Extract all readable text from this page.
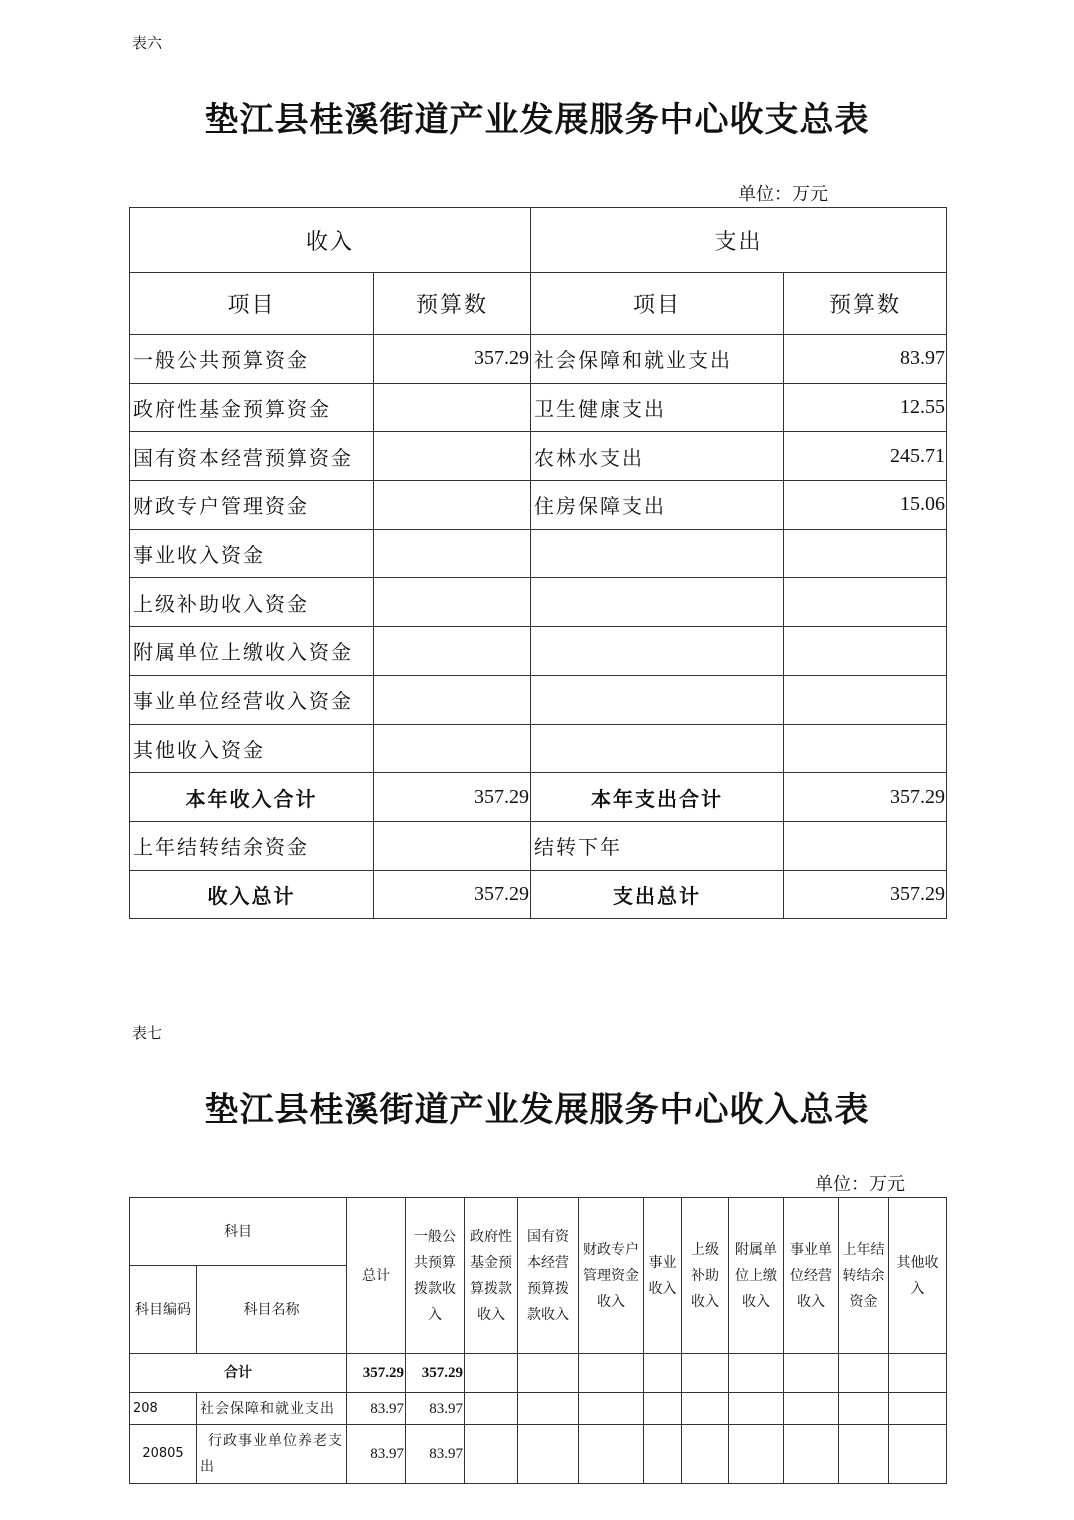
表六
垫江县桂溪街道产业发展服务中心收支总表
单位：万元
收入		支出	
项目	预算数	项目	预算数
一般公共预算资金	357.29	社会保障和就业支出	83.97
政府性基金预算资金		卫生健康支出	12.55
国有资本经营预算资金		农林水支出	245.71
财政专户管理资金		住房保障支出	15.06
事业收入资金			
上级补助收入资金			
附属单位上缴收入资金			
事业单位经营收入资金			
其他收入资金			
本年收入合计	357.29	本年支出合计	357.29
上年结转结余资金		结转下年	
收入总计	357.29	支出总计	357.29
表七
垫江县桂溪街道产业发展服务中心收入总表
单位：万元
科目		总计	一般公共预算拨款收入	政府性基金预算拨款收入	国有资本经营预算拨款收入	财政专户管理资金收入	事业收入	上级补助收入	附属单位上缴收入	事业单位经营收入	上年结转结余资金	其他收入
科目编码	科目名称											
合计		357.29	357.29									
208	社会保障和就业支出	83.97	83.97									
20805	行政事业单位养老支出	83.97	83.97									
